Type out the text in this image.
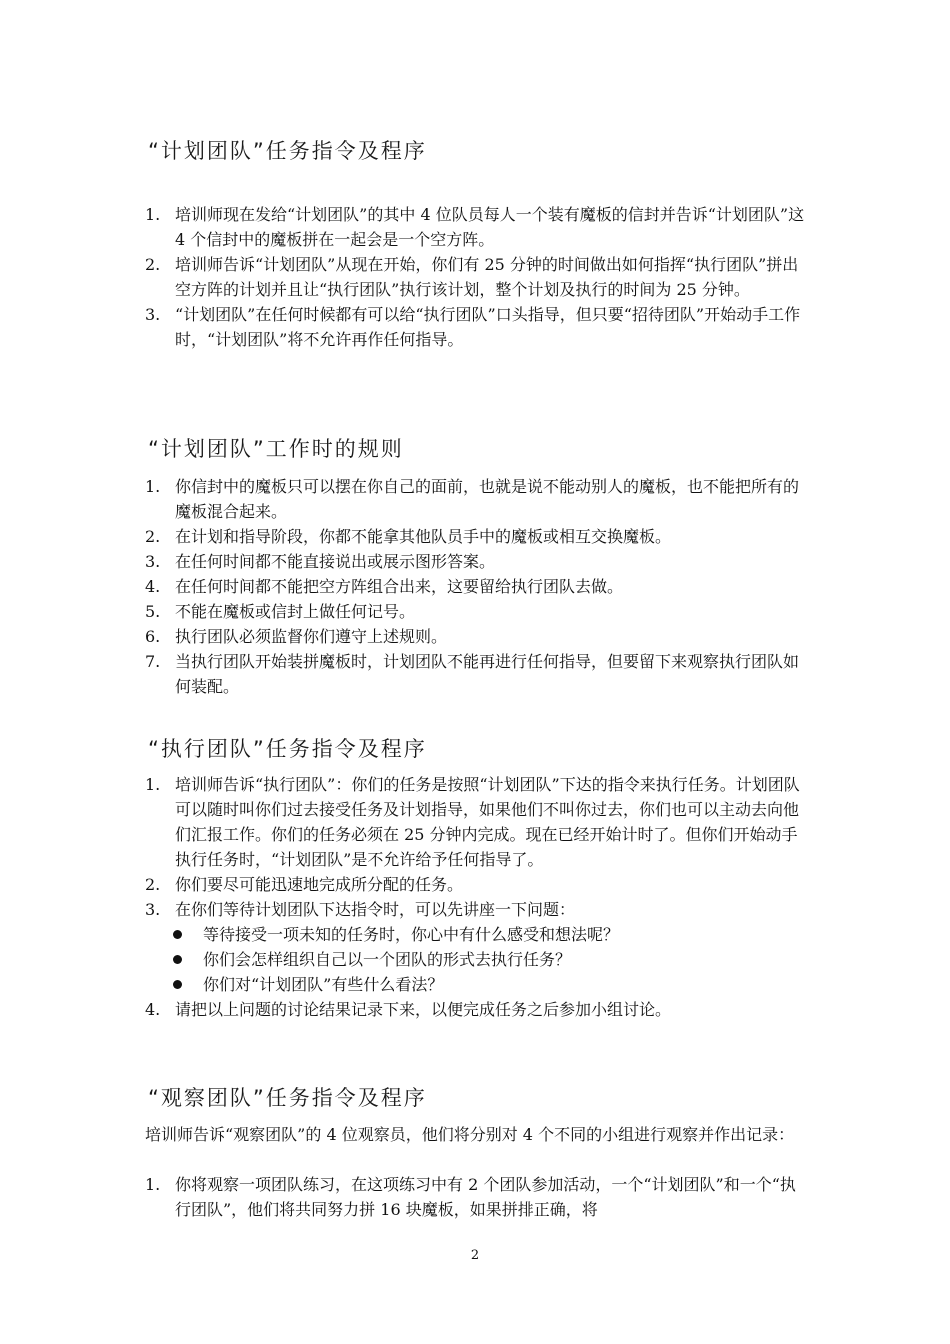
“计划团队”任务指令及程序
1. 培训师现在发给“计划团队”的其中 4 位队员每人一个装有魔板的信封并告诉“计划团队”这 4 个信封中的魔板拼在一起会是一个空方阵。
2. 培训师告诉“计划团队”从现在开始，你们有 25 分钟的时间做出如何指挥“执行团队”拼出空方阵的计划并且让“执行团队”执行该计划，整个计划及执行的时间为 25 分钟。
3. “计划团队”在任何时候都有可以给“执行团队”口头指导，但只要“招待团队”开始动手工作时，“计划团队”将不允许再作任何指导。
“计划团队”工作时的规则
1. 你信封中的魔板只可以摆在你自己的面前，也就是说不能动别人的魔板，也不能把所有的魔板混合起来。
2. 在计划和指导阶段，你都不能拿其他队员手中的魔板或相互交换魔板。
3. 在任何时间都不能直接说出或展示图形答案。
4. 在任何时间都不能把空方阵组合出来，这要留给执行团队去做。
5. 不能在魔板或信封上做任何记号。
6. 执行团队必须监督你们遵守上述规则。
7. 当执行团队开始装拼魔板时，计划团队不能再进行任何指导，但要留下来观察执行团队如何装配。
“执行团队”任务指令及程序
1. 培训师告诉“执行团队”：你们的任务是按照“计划团队”下达的指令来执行任务。计划团队可以随时叫你们过去接受任务及计划指导，如果他们不叫你过去，你们也可以主动去向他们汇报工作。你们的任务必须在 25 分钟内完成。现在已经开始计时了。但你们开始动手执行任务时，“计划团队”是不允许给予任何指导了。
2. 你们要尽可能迅速地完成所分配的任务。
3. 在你们等待计划团队下达指令时，可以先讲座一下问题：
等待接受一项未知的任务时，你心中有什么感受和想法呢？
你们会怎样组织自己以一个团队的形式去执行任务？
你们对“计划团队”有些什么看法？
4. 请把以上问题的讨论结果记录下来，以便完成任务之后参加小组讨论。
“观察团队”任务指令及程序

培训师告诉“观察团队”的 4 位观察员，他们将分别对 4 个不同的小组进行观察并作出记录：

1. 你将观察一项团队练习，在这项练习中有 2 个团队参加活动，一个“计划团队”和一个“执行团队”，他们将共同努力拼 16 块魔板，如果拼排正确，将
2
